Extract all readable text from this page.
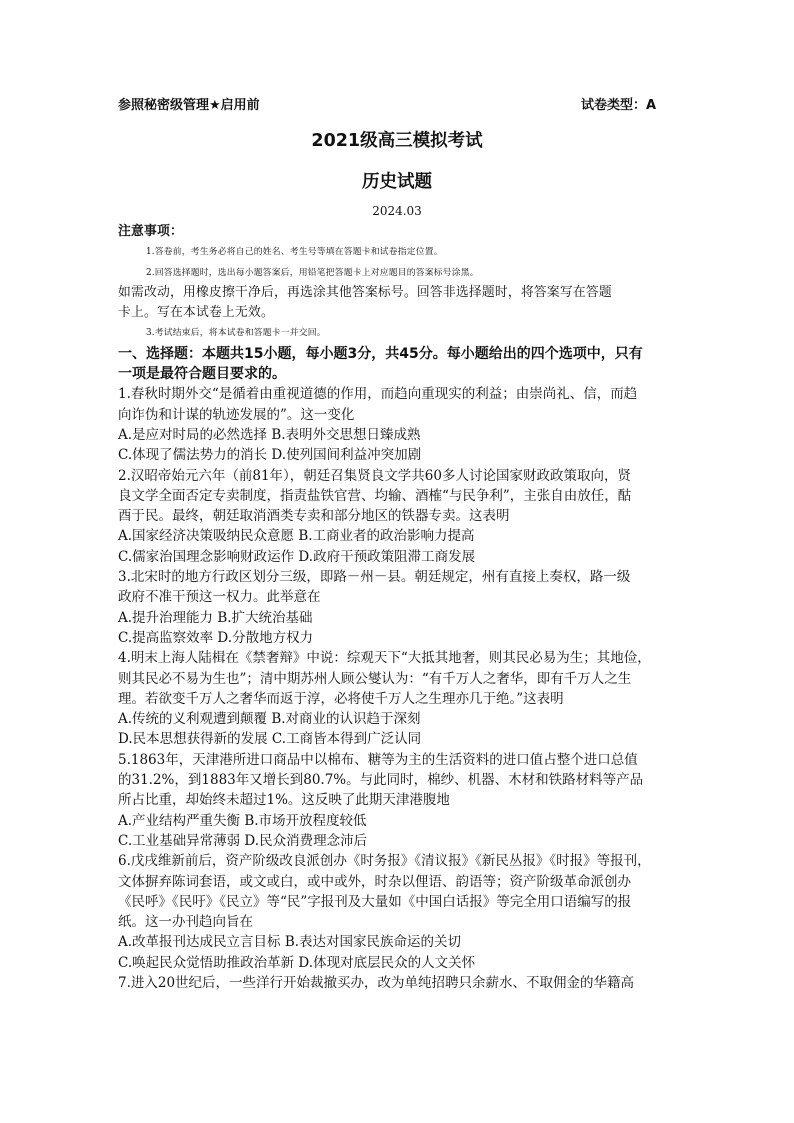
参照秘密级管理★启用前	试卷类型：A
2021级高三模拟考试
历史试题
2024.03
注意事项：
1.答卷前，考生务必将自己的姓名、考生号等填在答题卡和试卷指定位置。
2.回答选择题时，选出每小题答案后，用铅笔把答题卡上对应题目的答案标号涂黑。
如需改动，用橡皮擦干净后，再选涂其他答案标号。回答非选择题时，将答案写在答题
卡上。写在本试卷上无效。
3.考试结束后，将本试卷和答题卡一并交回。
一、选择题：本题共15小题，每小题3分，共45分。每小题给出的四个选项中，只有
一项是最符合题目要求的。
1.春秋时期外交“是循着由重视道德的作用，而趋向重现实的利益；由崇尚礼、信，而趋
向诈伪和计谋的轨迹发展的”。这一变化
A.是应对时局的必然选择 B.表明外交思想日臻成熟
C.体现了儒法势力的消长 D.使列国间利益冲突加剧
2.汉昭帝始元六年（前81年），朝廷召集贤良文学共60多人讨论国家财政政策取向，贤
良文学全面否定专卖制度，指责盐铁官营、均输、酒榷“与民争利”，主张自由放任，酤
酉于民。最终，朝廷取消酒类专卖和部分地区的铁器专卖。这表明
A.国家经济决策吸纳民众意愿 B.工商业者的政治影响力提高
C.儒家治国理念影响财政运作 D.政府干预政策阻滞工商发展
3.北宋时的地方行政区划分三级，即路－州－县。朝廷规定，州有直接上奏权，路一级
政府不准干预这一权力。此举意在
A.提升治理能力 B.扩大统治基础
C.提高监察效率 D.分散地方权力
4.明末上海人陆楫在《禁奢辩》中说：综观天下“大抵其地奢，则其民必易为生；其地俭，
则其民必不易为生也”；清中期苏州人顾公燮认为：“有千万人之奢华，即有千万人之生
理。若欲变千万人之奢华而返于淳，必将使千万人之生理亦几于绝。”这表明
A.传统的义利观遭到颠覆 B.对商业的认识趋于深刻
D.民本思想获得新的发展 C.工商皆本得到广泛认同
5.1863年，天津港所进口商品中以棉布、糖等为主的生活资料的进口值占整个进口总值
的31.2%，到1883年又增长到80.7%。与此同时，棉纱、机器、木材和铁路材料等产品
所占比重，却始终未超过1%。这反映了此期天津港腹地
A.产业结构严重失衡 B.市场开放程度较低
C.工业基础异常薄弱 D.民众消费理念沛后
6.戊戌维新前后，资产阶级改良派创办《时务报》《清议报》《新民丛报》《时报》等报刊，
文体摒弃陈词套语，或文或白，或中或外，时杂以俚语、韵语等；资产阶级革命派创办
《民呼》《民吁》《民立》等“民”字报刊及大量如《中国白话报》等完全用口语编写的报
纸。这一办刊趋向旨在
A.改革报刊达成民立言目标 B.表达对国家民族命运的关切
C.唤起民众觉悟助推政治革新 D.体现对底层民众的人文关怀
7.进入20世纪后，一些洋行开始裁撤买办，改为单纯招聘只余薪水、不取佣金的华籍高
